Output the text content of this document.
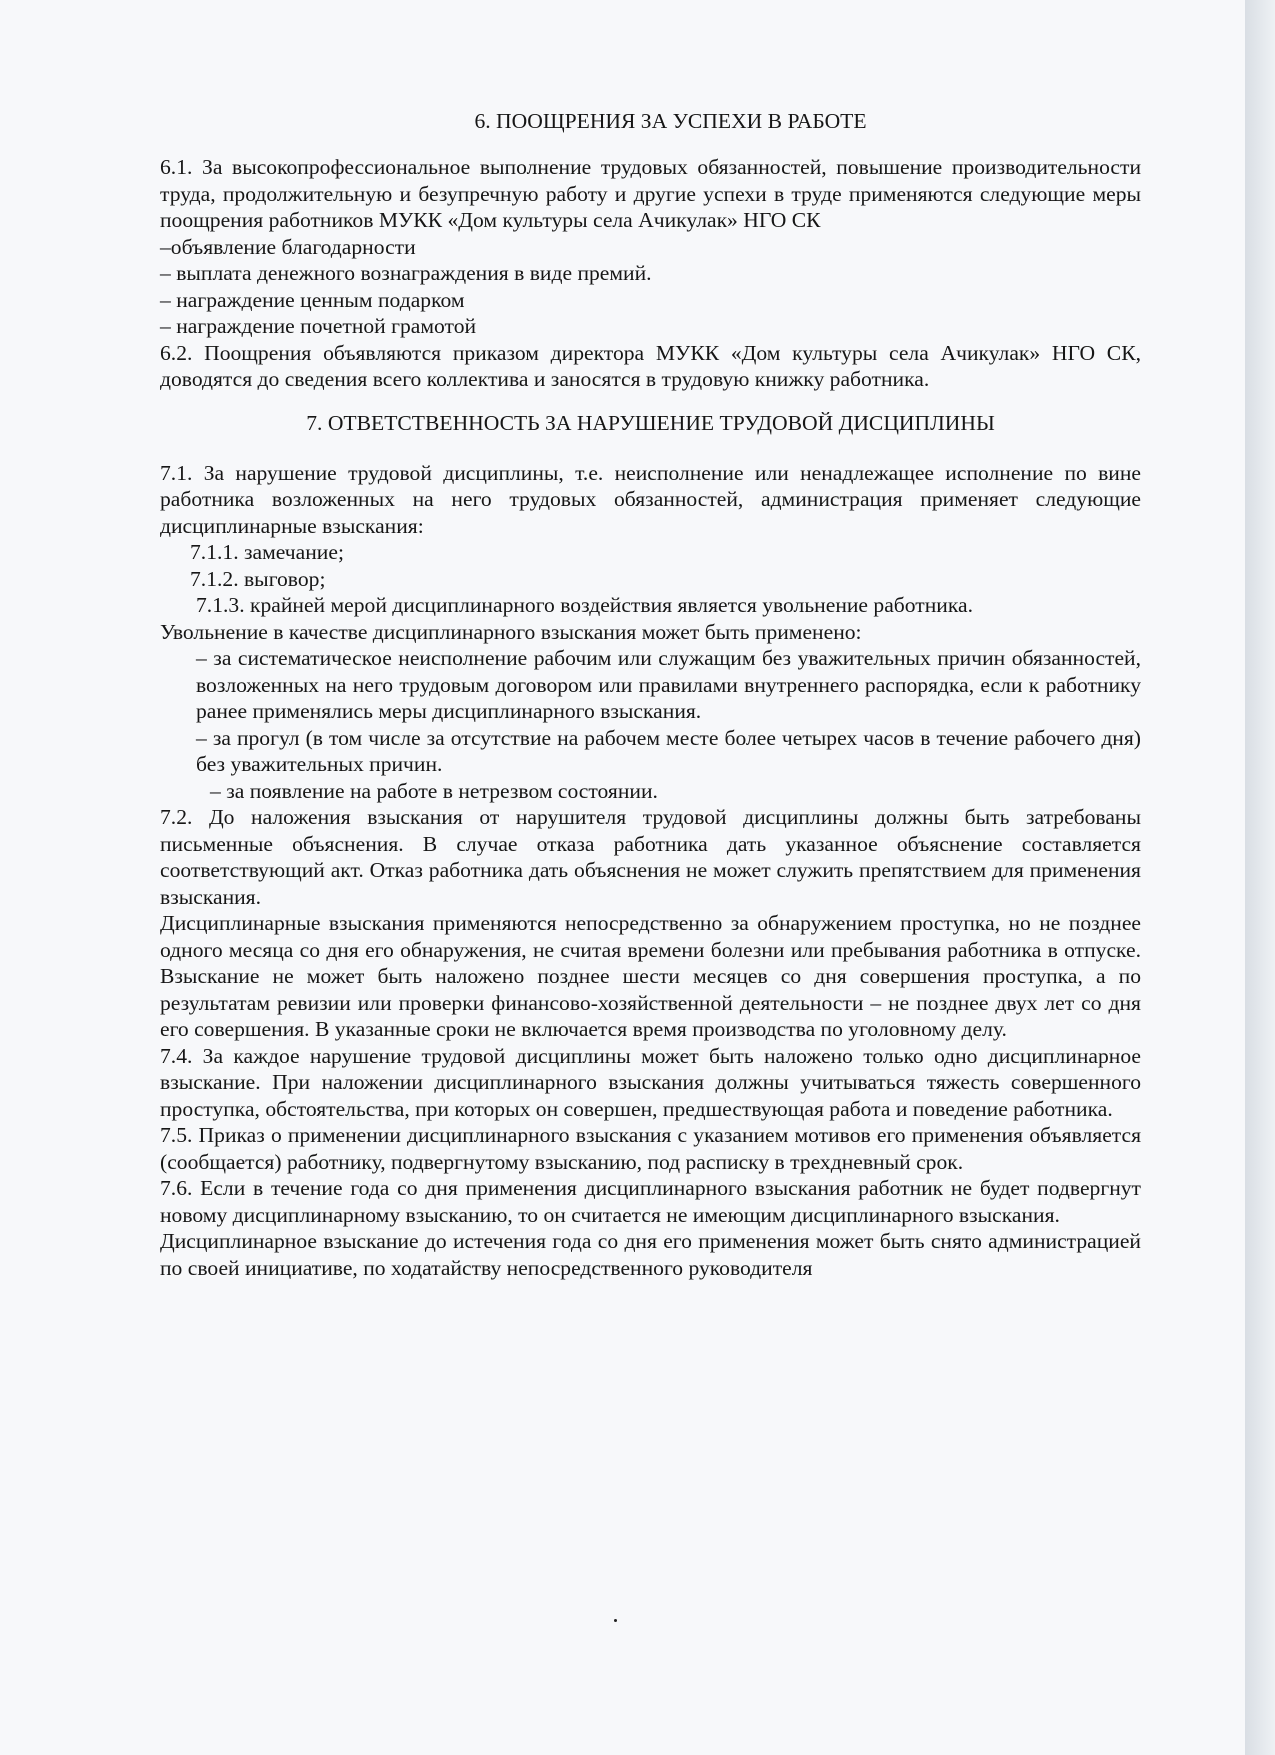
6. ПООЩРЕНИЯ ЗА УСПЕХИ В РАБОТЕ

6.1. За высокопрофессиональное выполнение трудовых обязанностей, повышение производительности труда, продолжительную и безупречную работу и другие успехи в труде применяются следующие меры поощрения работников МУКК «Дом культуры села Ачикулак» НГО СК

–объявление благодарности

– выплата денежного вознаграждения в виде премий.

– награждение ценным подарком

– награждение почетной грамотой

6.2. Поощрения объявляются приказом директора МУКК «Дом культуры села Ачикулак» НГО СК, доводятся до сведения всего коллектива и заносятся в трудовую книжку работника.

7. ОТВЕТСТВЕННОСТЬ ЗА НАРУШЕНИЕ ТРУДОВОЙ ДИСЦИПЛИНЫ

7.1. За нарушение трудовой дисциплины, т.е. неисполнение или ненадлежащее исполнение по вине работника возложенных на него трудовых обязанностей, администрация применяет следующие дисциплинарные взыскания:

7.1.1. замечание;

7.1.2. выговор;

7.1.3. крайней мерой дисциплинарного воздействия является увольнение работника.

Увольнение в качестве дисциплинарного взыскания может быть применено:

– за систематическое неисполнение рабочим или служащим без уважительных причин обязанностей, возложенных на него трудовым договором или правилами внутреннего распорядка, если к работнику ранее применялись меры дисциплинарного взыскания.

– за прогул (в том числе за отсутствие на рабочем месте более четырех часов в течение рабочего дня) без уважительных причин.

– за появление на работе в нетрезвом состоянии.

7.2. До наложения взыскания от нарушителя трудовой дисциплины должны быть затребованы письменные объяснения. В случае отказа работника дать указанное объяснение составляется соответствующий акт. Отказ работника дать объяснения не может служить препятствием для применения взыскания.

Дисциплинарные взыскания применяются непосредственно за обнаружением проступка, но не позднее одного месяца со дня его обнаружения, не считая времени болезни или пребывания работника в отпуске. Взыскание не может быть наложено позднее шести месяцев со дня совершения проступка, а по результатам ревизии или проверки финансово-хозяйственной деятельности – не позднее двух лет со дня его совершения. В указанные сроки не включается время производства по уголовному делу.

7.4. За каждое нарушение трудовой дисциплины может быть наложено только одно дисциплинарное взыскание. При наложении дисциплинарного взыскания должны учитываться тяжесть совершенного проступка, обстоятельства, при которых он совершен, предшествующая работа и поведение работника.

7.5. Приказ о применении дисциплинарного взыскания с указанием мотивов его применения объявляется (сообщается) работнику, подвергнутому взысканию, под расписку в трехдневный срок.

7.6. Если в течение года со дня применения дисциплинарного взыскания работник не будет подвергнут новому дисциплинарному взысканию, то он считается не имеющим дисциплинарного взыскания.

Дисциплинарное взыскание до истечения года со дня его применения может быть снято администрацией по своей инициативе, по ходатайству непосредственного руководителя
